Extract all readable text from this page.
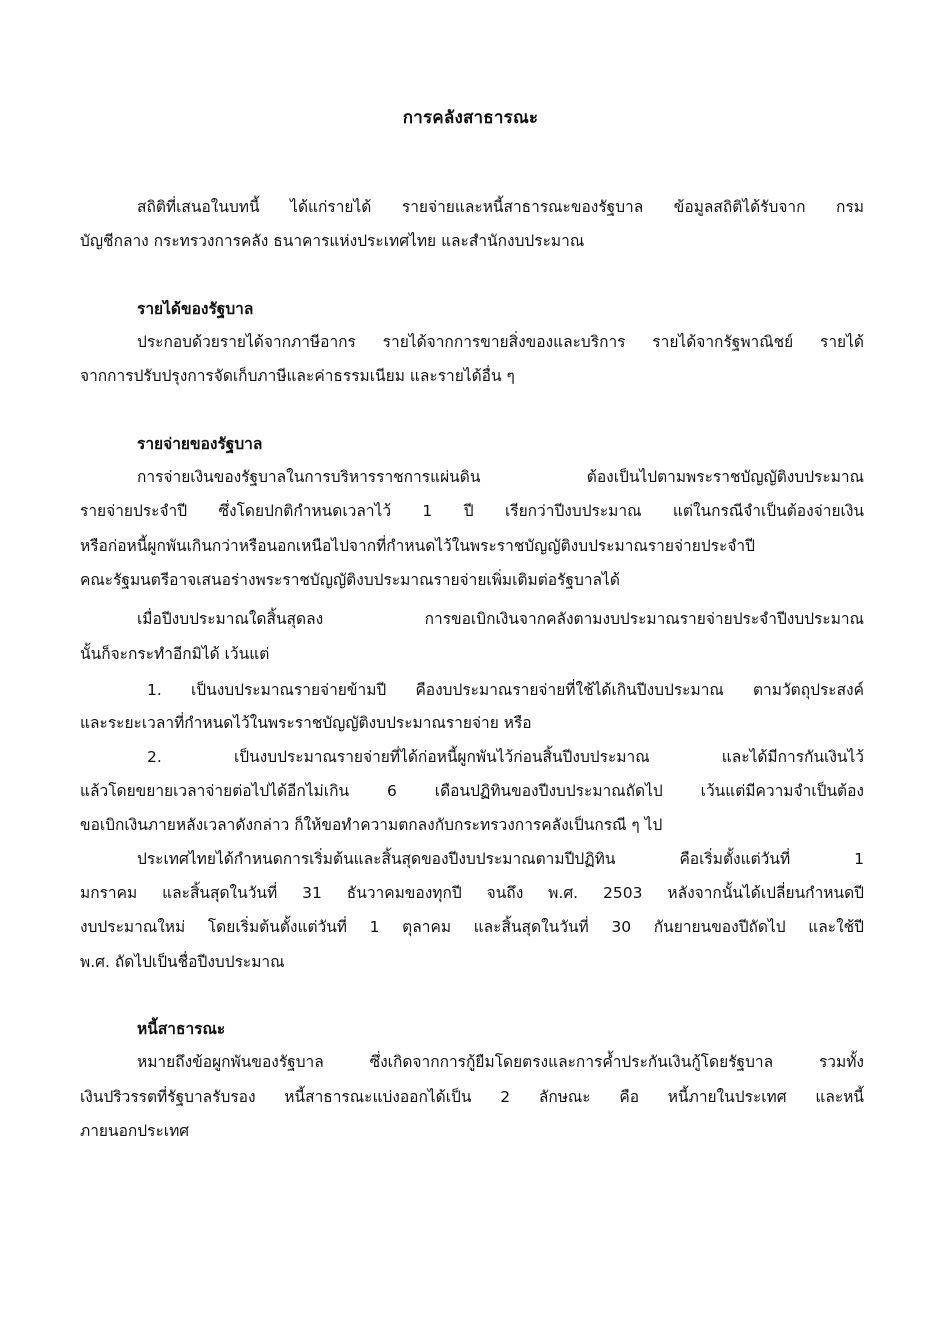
การคลังสาธารณะ
สถิติที่เสนอในบทนี้ ได้แก่รายได้ รายจ่ายและหนี้สาธารณะของรัฐบาล ข้อมูลสถิติได้รับจาก กรม
บัญชีกลาง กระทรวงการคลัง ธนาคารแห่งประเทศไทย และสำนักงบประมาณ
รายได้ของรัฐบาล
ประกอบด้วยรายได้จากภาษีอากร รายได้จากการขายสิ่งของและบริการ รายได้จากรัฐพาณิชย์ รายได้
จากการปรับปรุงการจัดเก็บภาษีและค่าธรรมเนียม และรายได้อื่น ๆ
รายจ่ายของรัฐบาล
การจ่ายเงินของรัฐบาลในการบริหารราชการแผ่นดิน ต้องเป็นไปตามพระราชบัญญัติงบประมาณ
รายจ่ายประจำปี ซึ่งโดยปกติกำหนดเวลาไว้ 1 ปี เรียกว่าปีงบประมาณ แต่ในกรณีจำเป็นต้องจ่ายเงิน
หรือก่อหนี้ผูกพันเกินกว่าหรือนอกเหนือไปจากที่กำหนดไว้ในพระราชบัญญัติงบประมาณรายจ่ายประจำปี
คณะรัฐมนตรีอาจเสนอร่างพระราชบัญญัติงบประมาณรายจ่ายเพิ่มเติมต่อรัฐบาลได้
เมื่อปีงบประมาณใดสิ้นสุดลง การขอเบิกเงินจากคลังตามงบประมาณรายจ่ายประจำปีงบประมาณ
นั้นก็จะกระทำอีกมิได้ เว้นแต่
1. เป็นงบประมาณรายจ่ายข้ามปี คืองบประมาณรายจ่ายที่ใช้ได้เกินปีงบประมาณ ตามวัตถุประสงค์
และระยะเวลาที่กำหนดไว้ในพระราชบัญญัติงบประมาณรายจ่าย หรือ
2. เป็นงบประมาณรายจ่ายที่ได้ก่อหนี้ผูกพันไว้ก่อนสิ้นปีงบประมาณ และได้มีการกันเงินไว้
แล้วโดยขยายเวลาจ่ายต่อไปได้อีกไม่เกิน 6 เดือนปฏิทินของปีงบประมาณถัดไป เว้นแต่มีความจำเป็นต้อง
ขอเบิกเงินภายหลังเวลาดังกล่าว ก็ให้ขอทำความตกลงกับกระทรวงการคลังเป็นกรณี ๆ ไป
ประเทศไทยได้กำหนดการเริ่มต้นและสิ้นสุดของปีงบประมาณตามปีปฏิทิน คือเริ่มตั้งแต่วันที่ 1
มกราคม และสิ้นสุดในวันที่ 31 ธันวาคมของทุกปี จนถึง พ.ศ. 2503 หลังจากนั้นได้เปลี่ยนกำหนดปี
งบประมาณใหม่ โดยเริ่มต้นตั้งแต่วันที่ 1 ตุลาคม และสิ้นสุดในวันที่ 30 กันยายนของปีถัดไป และใช้ปี
พ.ศ. ถัดไปเป็นชื่อปีงบประมาณ
หนี้สาธารณะ
หมายถึงข้อผูกพันของรัฐบาล ซึ่งเกิดจากการกู้ยืมโดยตรงและการค้ำประกันเงินกู้โดยรัฐบาล รวมทั้ง
เงินปริวรรตที่รัฐบาลรับรอง หนี้สาธารณะแบ่งออกได้เป็น 2 ลักษณะ คือ หนี้ภายในประเทศ และหนี้
ภายนอกประเทศ
